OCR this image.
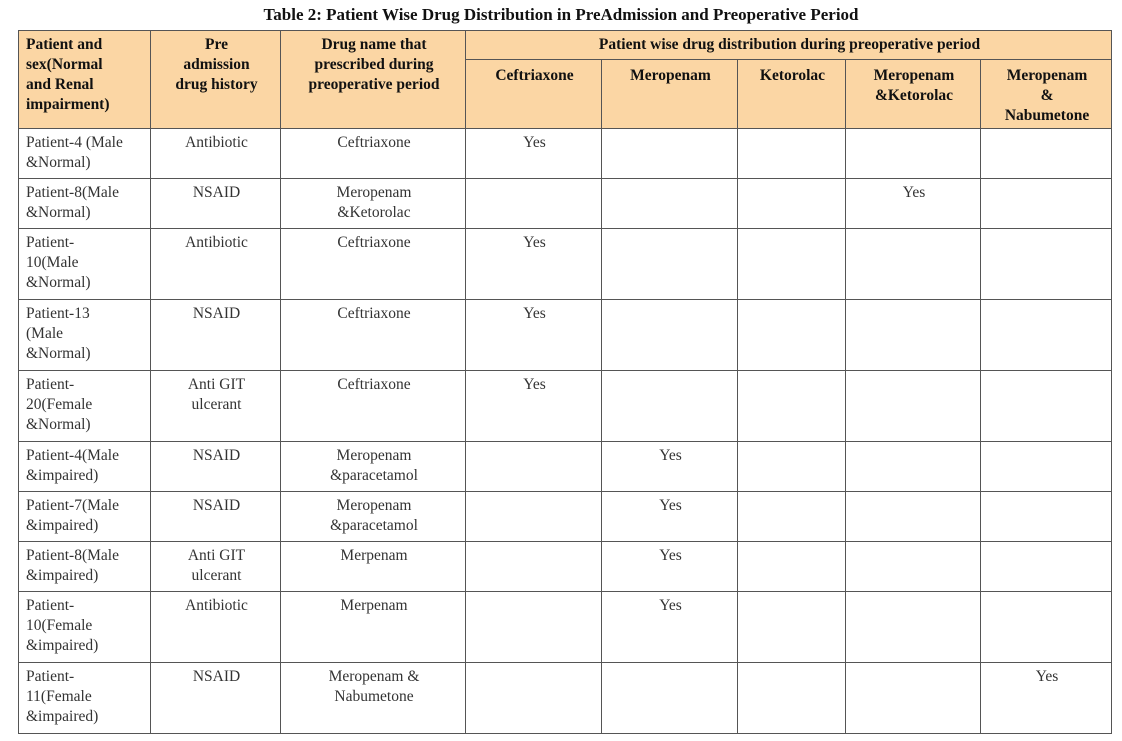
Table 2: Patient Wise Drug Distribution in PreAdmission and Preoperative Period
Patient and
sex(Normal
and Renal
impairment)	Pre
admission
drug history	Drug name that
prescribed during
preoperative period	Patient wise drug distribution during preoperative period				
			Ceftriaxone	Meropenam	Ketorolac	Meropenam
&Ketorolac	Meropenam
&
Nabumetone
Patient-4 (Male
&Normal)	Antibiotic	Ceftriaxone	Yes				
Patient-8(Male
&Normal)	NSAID	Meropenam
&Ketorolac				Yes	
Patient-
10(Male
&Normal)	Antibiotic	Ceftriaxone	Yes				
Patient-13
(Male
&Normal)	NSAID	Ceftriaxone	Yes				
Patient-
20(Female
&Normal)	Anti GIT
ulcerant	Ceftriaxone	Yes				
Patient-4(Male
&impaired)	NSAID	Meropenam
&paracetamol		Yes			
Patient-7(Male
&impaired)	NSAID	Meropenam
&paracetamol		Yes			
Patient-8(Male
&impaired)	Anti GIT
ulcerant	Merpenam		Yes			
Patient-
10(Female
&impaired)	Antibiotic	Merpenam		Yes			
Patient-
11(Female
&impaired)	NSAID	Meropenam &
Nabumetone					Yes
